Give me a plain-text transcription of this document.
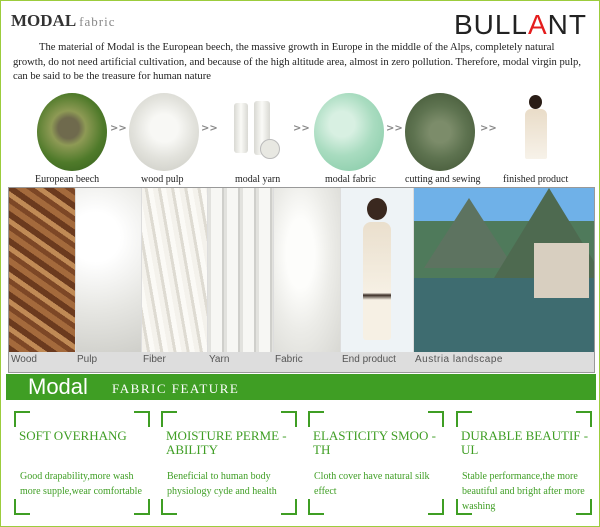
MODAL fabric	BULLANT
The material of Modal is the European beech, the massive growth in Europe in the middle of the Alps, completely natural growth, do not need artificial cultivation, and because of the high altitude area, almost in zero pollution. Therefore, modal virgin pulp, can be said to be the treasure for human nature
>>	>>	>>	>>	>>
European beech	wood pulp	modal yarn	modal fabric	cutting and sewing finished product
Wood	Pulp	Fiber	Yarn	Fabric	End product Austria landscape
Modal FABRIC FEATURE
SOFT OVERHANG
Good drapability,more wash more supple,wear comfortable
MOISTURE PERME -ABILITY
Beneficial to human body physiology cyde and health
ELASTICITY SMOO -TH
Cloth cover have natural silk effect
DURABLE BEAUTIF -UL
Stable performance,the more beautiful and bright after more washing
